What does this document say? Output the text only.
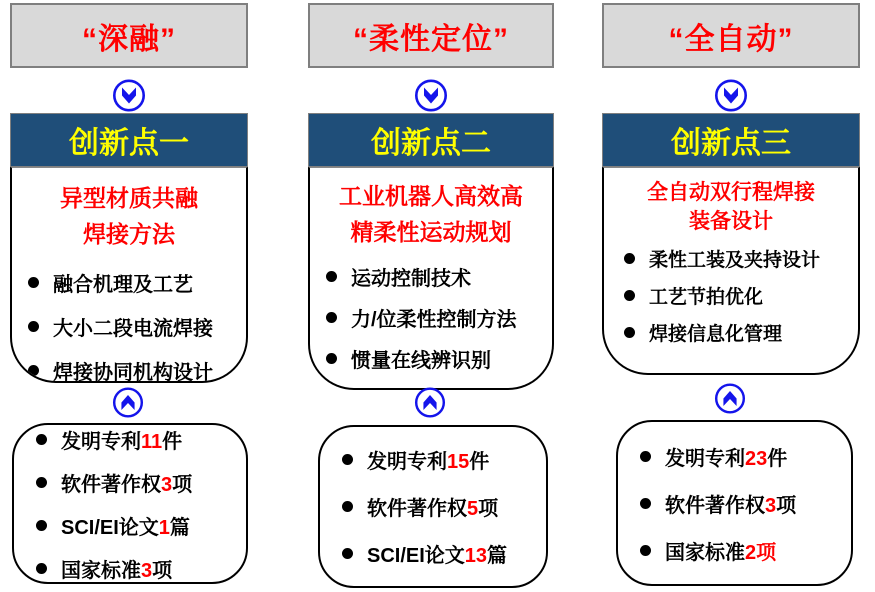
“深融”
创新点一
异型材质共融
焊接方法
融合机理及工艺
大小二段电流焊接
焊接协同机构设计
发明专利11件
软件著作权3项
SCI/EI论文1篇
国家标准3项
“柔性定位”
创新点二
工业机器人高效高
精柔性运动规划
运动控制技术
力/位柔性控制方法
惯量在线辨识别
发明专利15件
软件著作权5项
SCI/EI论文13篇
“全自动”
创新点三
全自动双行程焊接
装备设计
柔性工装及夹持设计
工艺节拍优化
焊接信息化管理
发明专利23件
软件著作权3项
国家标准2项
